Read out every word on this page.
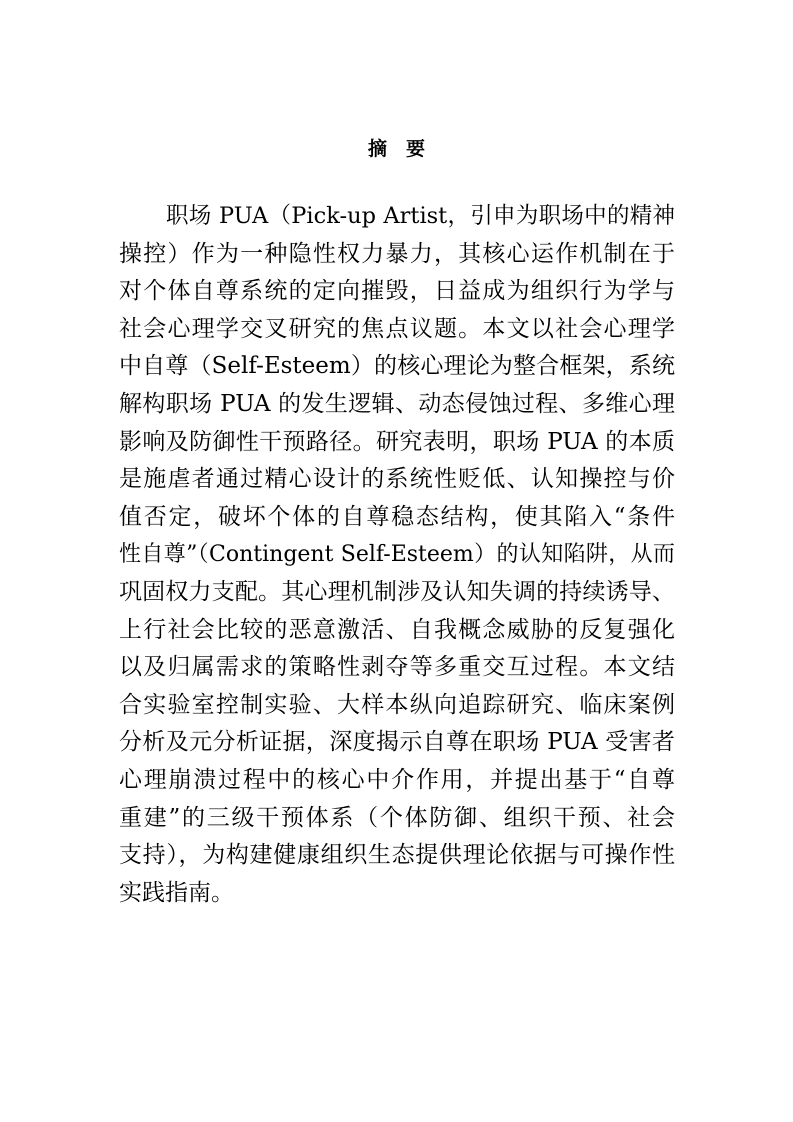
摘 要
职场 PUA（Pick-up Artist，引申为职场中的精神
操控）作为一种隐性权力暴力，其核心运作机制在于
对个体自尊系统的定向摧毁，日益成为组织行为学与
社会心理学交叉研究的焦点议题。本文以社会心理学
中自尊（Self-Esteem）的核心理论为整合框架，系统
解构职场 PUA 的发生逻辑、动态侵蚀过程、多维心理
影响及防御性干预路径。研究表明，职场 PUA 的本质
是施虐者通过精心设计的系统性贬低、认知操控与价
值否定，破坏个体的自尊稳态结构，使其陷入“条件
性自尊”（Contingent Self-Esteem）的认知陷阱，从而
巩固权力支配。其心理机制涉及认知失调的持续诱导、
上行社会比较的恶意激活、自我概念威胁的反复强化
以及归属需求的策略性剥夺等多重交互过程。本文结
合实验室控制实验、大样本纵向追踪研究、临床案例
分析及元分析证据，深度揭示自尊在职场 PUA 受害者
心理崩溃过程中的核心中介作用，并提出基于“自尊
重建”的三级干预体系（个体防御、组织干预、社会
支持），为构建健康组织生态提供理论依据与可操作性
实践指南。
